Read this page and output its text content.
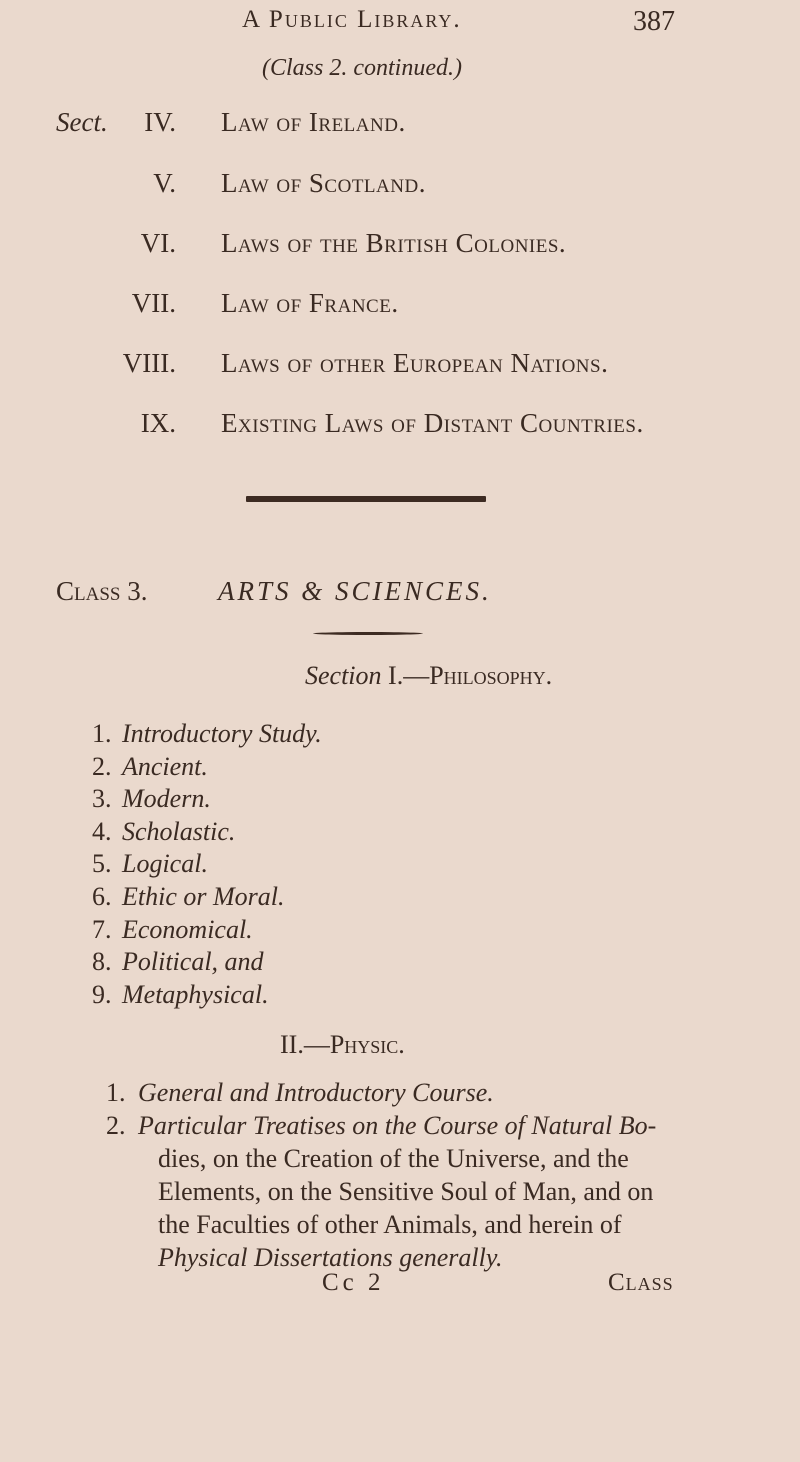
A Public Library.	387
(Class 2. continued.)
Sect.	IV. Law of Ireland.
V. Law of Scotland.
VI. Laws of the British Colonies.
VII. Law of France.
VIII. Laws of other European Nations.
IX. Existing Laws of Distant Countries.
Class 3.	ARTS & SCIENCES.
Section I.—Philosophy.
1. Introductory Study.
2. Ancient.
3. Modern.
4. Scholastic.
5. Logical.
6. Ethic or Moral.
7. Economical.
8. Political, and
9. Metaphysical.
II.—Physic.
1. General and Introductory Course.
2. Particular Treatises on the Course of Natural Bo-
dies, on the Creation of the Universe, and the
Elements, on the Sensitive Soul of Man, and on
the Faculties of other Animals, and herein of
Physical Dissertations generally.
Cc 2	Class
